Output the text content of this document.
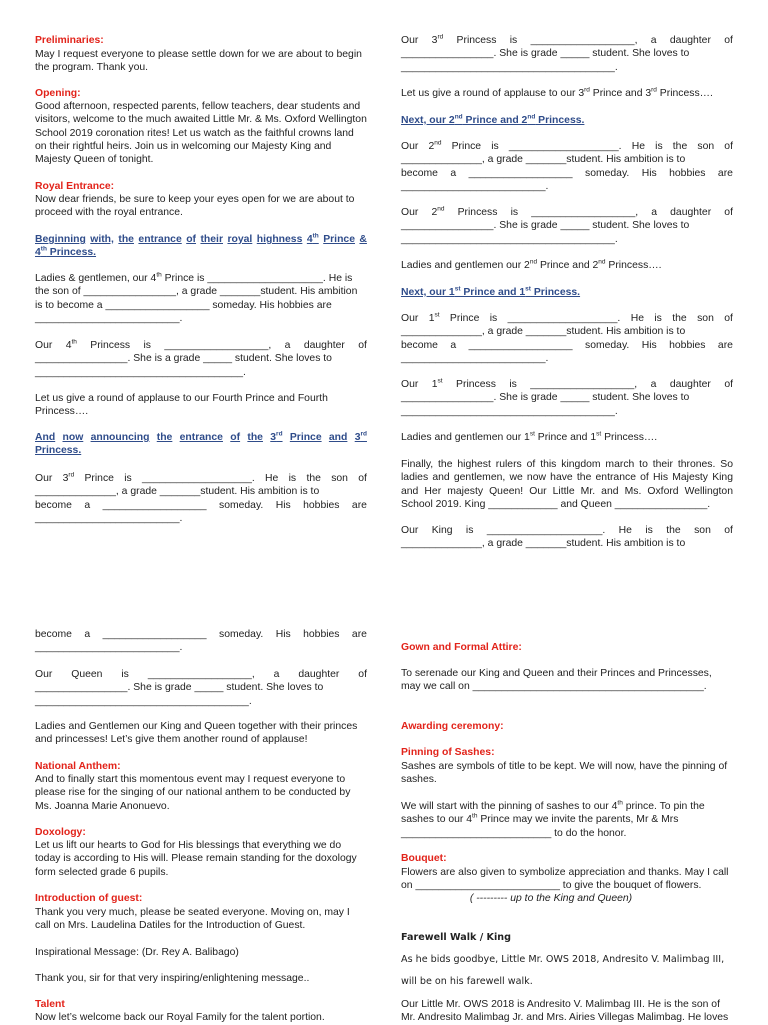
Preliminaries:

May I request everyone to please settle down for we are about to begin the program. Thank you.

Opening:

Good afternoon, respected parents, fellow teachers, dear students and visitors, welcome to the much awaited Little Mr. & Ms. Oxford Wellington School 2019 coronation rites! Let us watch as the faithful crowns land on their rightful heirs. Join us in welcoming our Majesty King and Majesty Queen of tonight.

Royal Entrance:

Now dear friends, be sure to keep your eyes open for we are about to proceed with the royal entrance.

Beginning with, the entrance of their royal highness 4th Prince &
4th Princess.

Ladies & gentlemen, our 4th Prince is ____________________. He is
the son of ________________, a grade _______student. His ambition
is to become a __________________ someday. His hobbies are
_________________________.
Our 4th Princess is __________________, a daughter of
________________. She is a grade _____ student. She loves to
____________________________________.

Let us give a round of applause to our Fourth Prince and Fourth Princess….

And now announcing the entrance of the 3rd Prince and 3rd
Princess.

Our 3rd Prince is ___________________. He is the son of
______________, a grade _______student. His ambition is to
become a __________________ someday. His hobbies are
_________________________.
Our 3rd Princess is __________________, a daughter of
________________. She is grade _____ student. She loves to
_____________________________________.

Let us give a round of applause to our 3rd Prince and 3rd Princess….

Next, our 2nd Prince and 2nd Princess.

Our 2nd Prince is ___________________. He is the son of
______________, a grade _______student. His ambition is to
become a __________________ someday. His hobbies are
_________________________.
Our 2nd Princess is __________________, a daughter of
________________. She is grade _____ student. She loves to
_____________________________________.

Ladies and gentlemen our 2nd Prince and 2nd Princess….

Next, our 1st Prince and 1st Princess.

Our 1st Prince is ___________________. He is the son of
______________, a grade _______student. His ambition is to
become a __________________ someday. His hobbies are
_________________________.
Our 1st Princess is __________________, a daughter of
________________. She is grade _____ student. She loves to
_____________________________________.

Ladies and gentlemen our 1st Prince and 1st Princess….

Finally, the highest rulers of this kingdom march to their thrones. So ladies and gentlemen, we now have the entrance of His Majesty King and Her majesty Queen! Our Little Mr. and Ms. Oxford Wellington School 2019. King ____________ and Queen ________________.

Our King is ____________________. He is the son of
______________, a grade _______student. His ambition is to
become a __________________ someday. His hobbies are
_________________________.
Our Queen is __________________, a daughter of
________________. She is grade _____ student. She loves to
_____________________________________.

Ladies and Gentlemen our King and Queen together with their princes and princesses! Let’s give them another round of applause!

National Anthem:

And to finally start this momentous event may I request everyone to please rise for the singing of our national anthem to be conducted by Ms. Joanna Marie Anonuevo.

Doxology:

Let us lift our hearts to God for His blessings that everything we do today is according to His will. Please remain standing for the doxology form selected grade 6 pupils.

Introduction of guest:

Thank you very much, please be seated everyone. Moving on, may I call on Mrs. Laudelina Datiles for the Introduction of Guest.

Inspirational Message: (Dr. Rey A. Balibago)

Thank you, sir for that very inspiring/enlightening message..

Talent

Now let’s welcome back our Royal Family for the talent portion.

Gown and Formal Attire:

To serenade our King and Queen and their Princes and Princesses, may we call on ________________________________________.

Awarding ceremony:

Pinning of Sashes:

Sashes are symbols of title to be kept. We will now, have the pinning of sashes.

We will start with the pinning of sashes to our 4th prince. To pin the
sashes to our 4th Prince may we invite the parents, Mr & Mrs
__________________________ to do the honor.

Bouquet:

Flowers are also given to symbolize appreciation and thanks. May I call on _________________________ to give the bouquet of flowers.

( --------- up to the King and Queen)

Farewell Walk / King

As he bids goodbye, Little Mr. OWS 2018, Andresito V. Malimbag III,

will be on his farewell walk.

Our Little Mr. OWS 2018 is Andresito V. Malimbag III. He is the son of Mr. Andresito Malimbag Jr. and Mrs. Airies Villegas Malimbag. He loves
